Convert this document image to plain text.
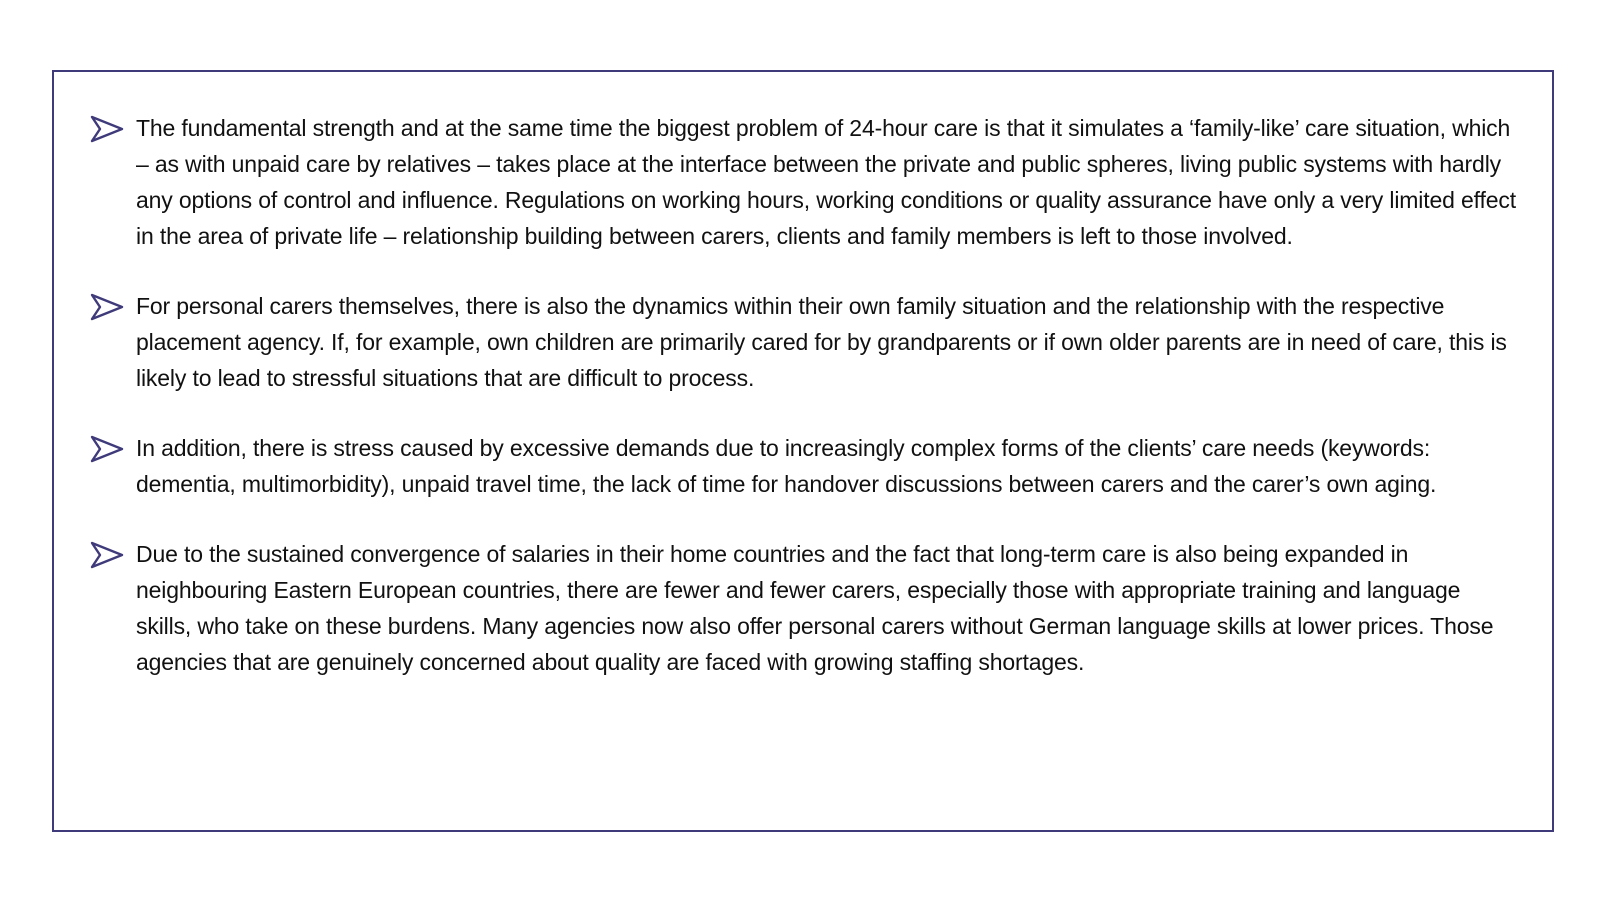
The fundamental strength and at the same time the biggest problem of 24-hour care is that it simulates a ‘family-like’ care situation, which – as with unpaid care by relatives – takes place at the interface between the private and public spheres, living public systems with hardly any options of control and influence. Regulations on working hours, working conditions or quality assurance have only a very limited effect in the area of private life – relationship building between carers, clients and family members is left to those involved.
For personal carers themselves, there is also the dynamics within their own family situation and the relationship with the respective placement agency. If, for example, own children are primarily cared for by grandparents or if own older parents are in need of care, this is likely to lead to stressful situations that are difficult to process.
In addition, there is stress caused by excessive demands due to increasingly complex forms of the clients’ care needs (keywords: dementia, multimorbidity), unpaid travel time, the lack of time for handover discussions between carers and the carer’s own aging.
Due to the sustained convergence of salaries in their home countries and the fact that long-term care is also being expanded in neighbouring Eastern European countries, there are fewer and fewer carers, especially those with appropriate training and language skills, who take on these burdens. Many agencies now also offer personal carers without German language skills at lower prices. Those agencies that are genuinely concerned about quality are faced with growing staffing shortages.
